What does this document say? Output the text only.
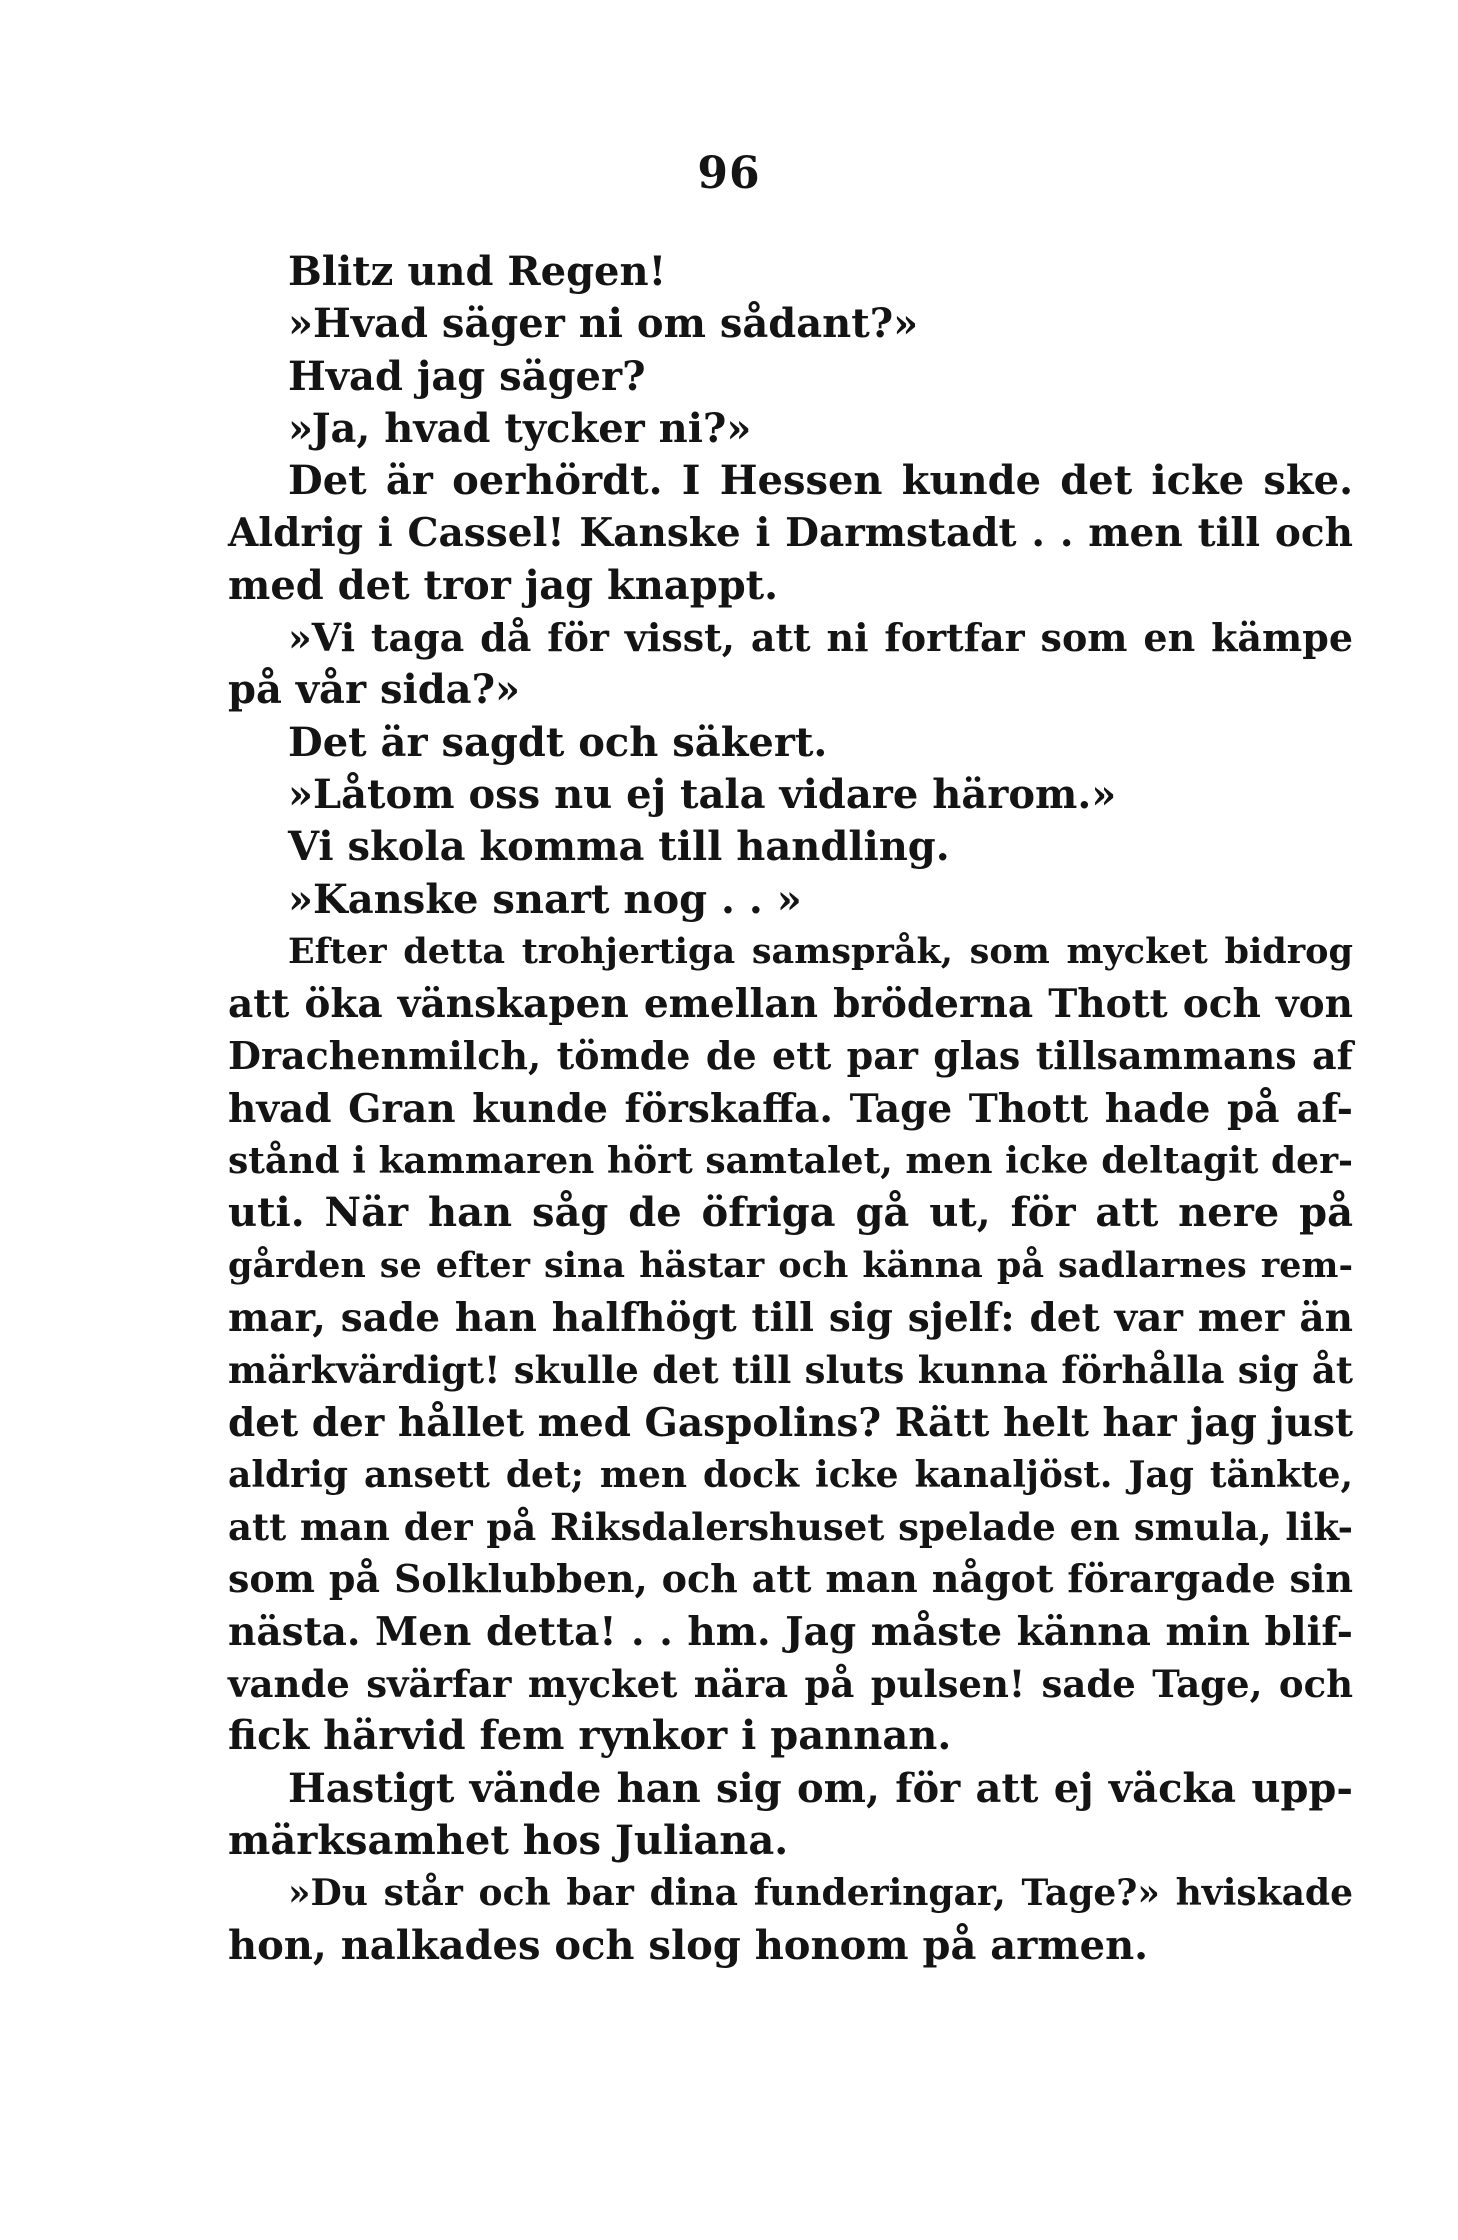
96
Blitz und Regen!
»Hvad säger ni om sådant?»
Hvad jag säger?
»Ja, hvad tycker ni?»
Det är oerhördt. I Hessen kunde det icke ske.
Aldrig i Cassel! Kanske i Darmstadt . . men till och
med det tror jag knappt.
»Vi taga då för visst, att ni fortfar som en kämpe
på vår sida?»
Det är sagdt och säkert.
»Låtom oss nu ej tala vidare härom.»
Vi skola komma till handling.
»Kanske snart nog . . »
Efter detta trohjertiga samspråk, som mycket bidrog
att öka vänskapen emellan bröderna Thott och von
Drachenmilch, tömde de ett par glas tillsammans af
hvad Gran kunde förskaffa. Tage Thott hade på af-
stånd i kammaren hört samtalet, men icke deltagit der-
uti. När han såg de öfriga gå ut, för att nere på
gården se efter sina hästar och känna på sadlarnes rem-
mar, sade han halfhögt till sig sjelf: det var mer än
märkvärdigt! skulle det till sluts kunna förhålla sig åt
det der hållet med Gaspolins? Rätt helt har jag just
aldrig ansett det; men dock icke kanaljöst. Jag tänkte,
att man der på Riksdalershuset spelade en smula, lik-
som på Solklubben, och att man något förargade sin
nästa. Men detta! . . hm. Jag måste känna min blif-
vande svärfar mycket nära på pulsen! sade Tage, och
fick härvid fem rynkor i pannan.
Hastigt vände han sig om, för att ej väcka upp-
märksamhet hos Juliana.
»Du står och bar dina funderingar, Tage?» hviskade
hon, nalkades och slog honom på armen.
